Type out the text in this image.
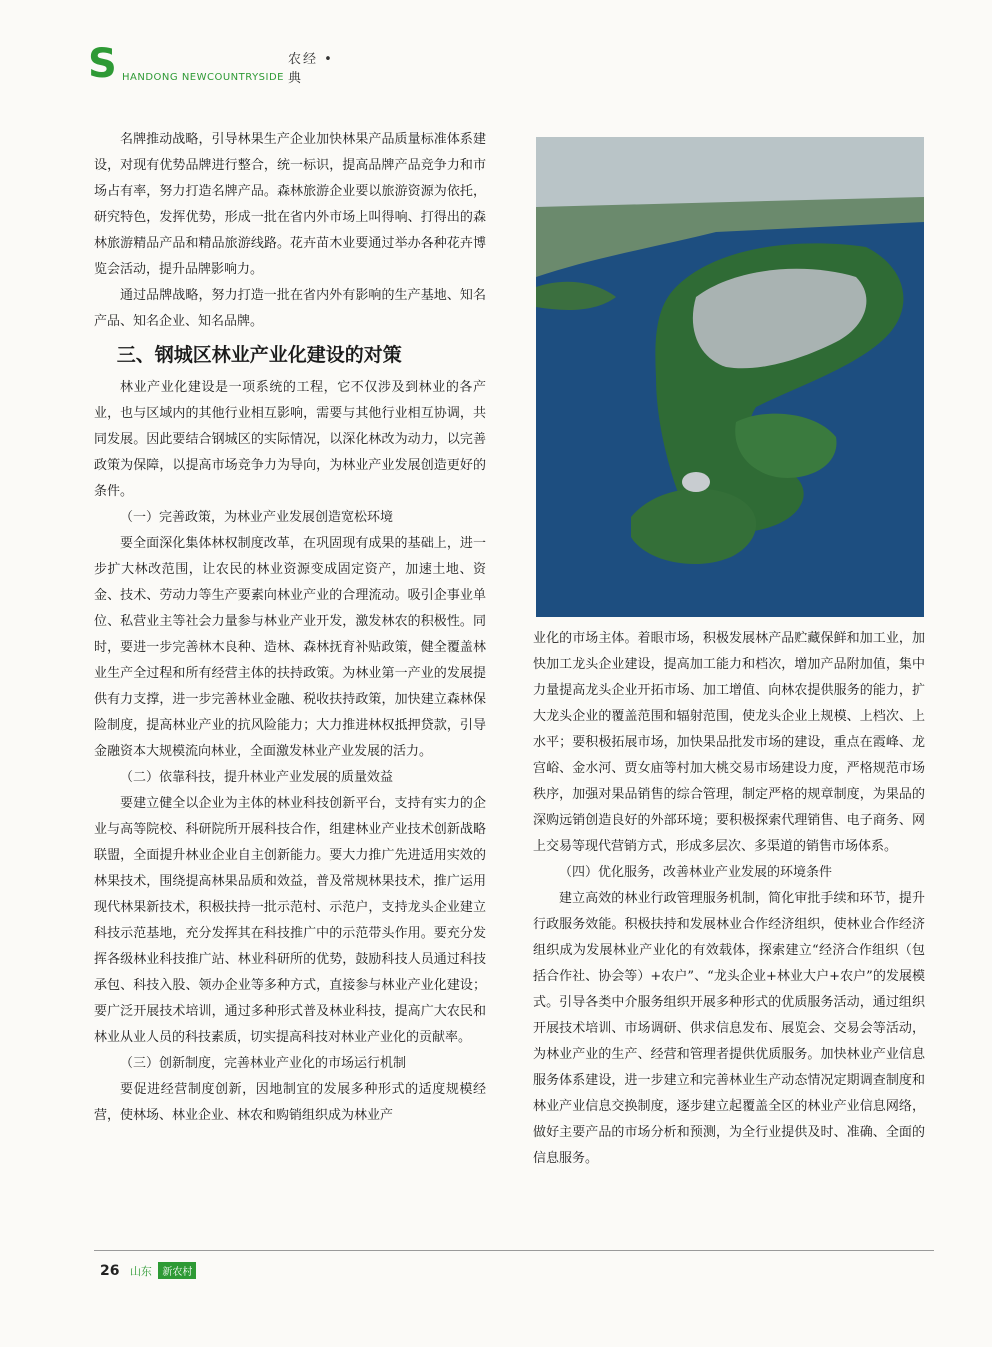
S	农经 • 典
HANDONG NEWCOUNTRYSIDE

名牌推动战略，引导林果生产企业加快林果产品质量标准体系建设，对现有优势品牌进行整合，统一标识，提高品牌产品竞争力和市场占有率，努力打造名牌产品。森林旅游企业要以旅游资源为依托，研究特色，发挥优势，形成一批在省内外市场上叫得响、打得出的森林旅游精品产品和精品旅游线路。花卉苗木业要通过举办各种花卉博览会活动，提升品牌影响力。

通过品牌战略，努力打造一批在省内外有影响的生产基地、知名产品、知名企业、知名品牌。

三、钢城区林业产业化建设的对策

林业产业化建设是一项系统的工程，它不仅涉及到林业的各产业，也与区域内的其他行业相互影响，需要与其他行业相互协调，共同发展。因此要结合钢城区的实际情况，以深化林改为动力，以完善政策为保障，以提高市场竞争力为导向，为林业产业发展创造更好的条件。

（一）完善政策，为林业产业发展创造宽松环境

要全面深化集体林权制度改革，在巩固现有成果的基础上，进一步扩大林改范围，让农民的林业资源变成固定资产，加速土地、资金、技术、劳动力等生产要素向林业产业的合理流动。吸引企事业单位、私营业主等社会力量参与林业产业开发，激发林农的积极性。同时，要进一步完善林木良种、造林、森林抚育补贴政策，健全覆盖林业生产全过程和所有经营主体的扶持政策。为林业第一产业的发展提供有力支撑，进一步完善林业金融、税收扶持政策，加快建立森林保险制度，提高林业产业的抗风险能力；大力推进林权抵押贷款，引导金融资本大规模流向林业，全面激发林业产业发展的活力。

（二）依靠科技，提升林业产业发展的质量效益

要建立健全以企业为主体的林业科技创新平台，支持有实力的企业与高等院校、科研院所开展科技合作，组建林业产业技术创新战略联盟，全面提升林业企业自主创新能力。要大力推广先进适用实效的林果技术，围绕提高林果品质和效益，普及常规林果技术，推广运用现代林果新技术，积极扶持一批示范村、示范户，支持龙头企业建立科技示范基地，充分发挥其在科技推广中的示范带头作用。要充分发挥各级林业科技推广站、林业科研所的优势，鼓励科技人员通过科技承包、科技入股、领办企业等多种方式，直接参与林业产业化建设；要广泛开展技术培训，通过多种形式普及林业科技，提高广大农民和林业从业人员的科技素质，切实提高科技对林业产业化的贡献率。

（三）创新制度，完善林业产业化的市场运行机制

要促进经营制度创新，因地制宜的发展多种形式的适度规模经营，使林场、林业企业、林农和购销组织成为林业产

业化的市场主体。着眼市场，积极发展林产品贮藏保鲜和加工业，加快加工龙头企业建设，提高加工能力和档次，增加产品附加值，集中力量提高龙头企业开拓市场、加工增值、向林农提供服务的能力，扩大龙头企业的覆盖范围和辐射范围，使龙头企业上规模、上档次、上水平；要积极拓展市场，加快果品批发市场的建设，重点在霞峰、龙宫峪、金水河、贾女庙等村加大桃交易市场建设力度，严格规范市场秩序，加强对果品销售的综合管理，制定严格的规章制度，为果品的深购远销创造良好的外部环境；要积极探索代理销售、电子商务、网上交易等现代营销方式，形成多层次、多渠道的销售市场体系。

（四）优化服务，改善林业产业发展的环境条件

建立高效的林业行政管理服务机制，简化审批手续和环节，提升行政服务效能。积极扶持和发展林业合作经济组织，使林业合作经济组织成为发展林业产业化的有效载体，探索建立“经济合作组织（包括合作社、协会等）+农户”、“龙头企业+林业大户+农户”的发展模式。引导各类中介服务组织开展多种形式的优质服务活动，通过组织开展技术培训、市场调研、供求信息发布、展览会、交易会等活动，为林业产业的生产、经营和管理者提供优质服务。加快林业产业信息服务体系建设，进一步建立和完善林业生产动态情况定期调查制度和林业产业信息交换制度，逐步建立起覆盖全区的林业产业信息网络，做好主要产品的市场分析和预测，为全行业提供及时、准确、全面的信息服务。

26 山东 新农村
